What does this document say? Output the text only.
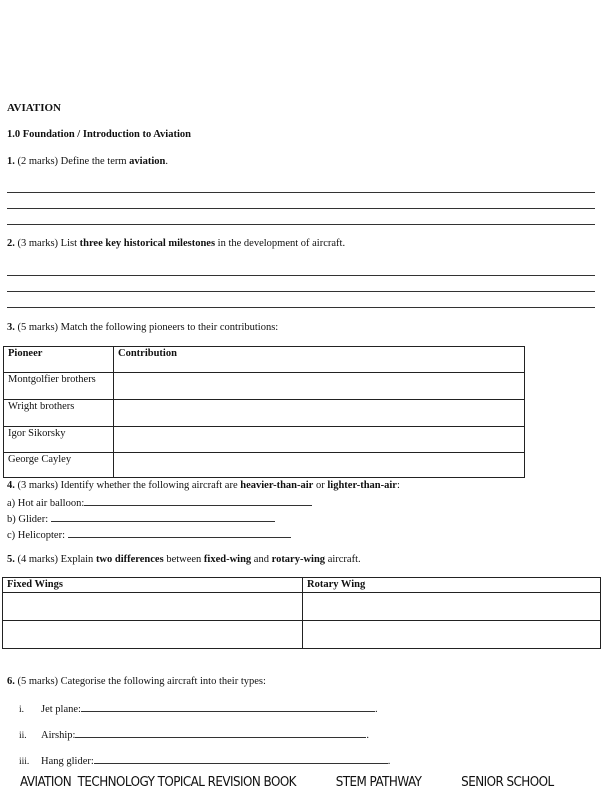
AVIATION
1.0 Foundation / Introduction to Aviation
1. (2 marks) Define the term aviation.
2. (3 marks) List three key historical milestones in the development of aircraft.
3. (5 marks) Match the following pioneers to their contributions:
Pioneer	Contribution
Montgolfier brothers	
Wright brothers	
Igor Sikorsky	
George Cayley	
4. (3 marks) Identify whether the following aircraft are heavier-than-air or lighter-than-air:
a) Hot air balloon:
b) Glider:
c) Helicopter:
5. (4 marks) Explain two differences between fixed-wing and rotary-wing aircraft.
Fixed Wings	Rotary Wing

6. (5 marks) Categorise the following aircraft into their types:
i. Jet plane:	.
ii. Airship:	.
iii. Hang glider:	.
AVIATION  TECHNOLOGY TOPICAL REVISION BOOK	STEM PATHWAY	SENIOR SCHOOL
